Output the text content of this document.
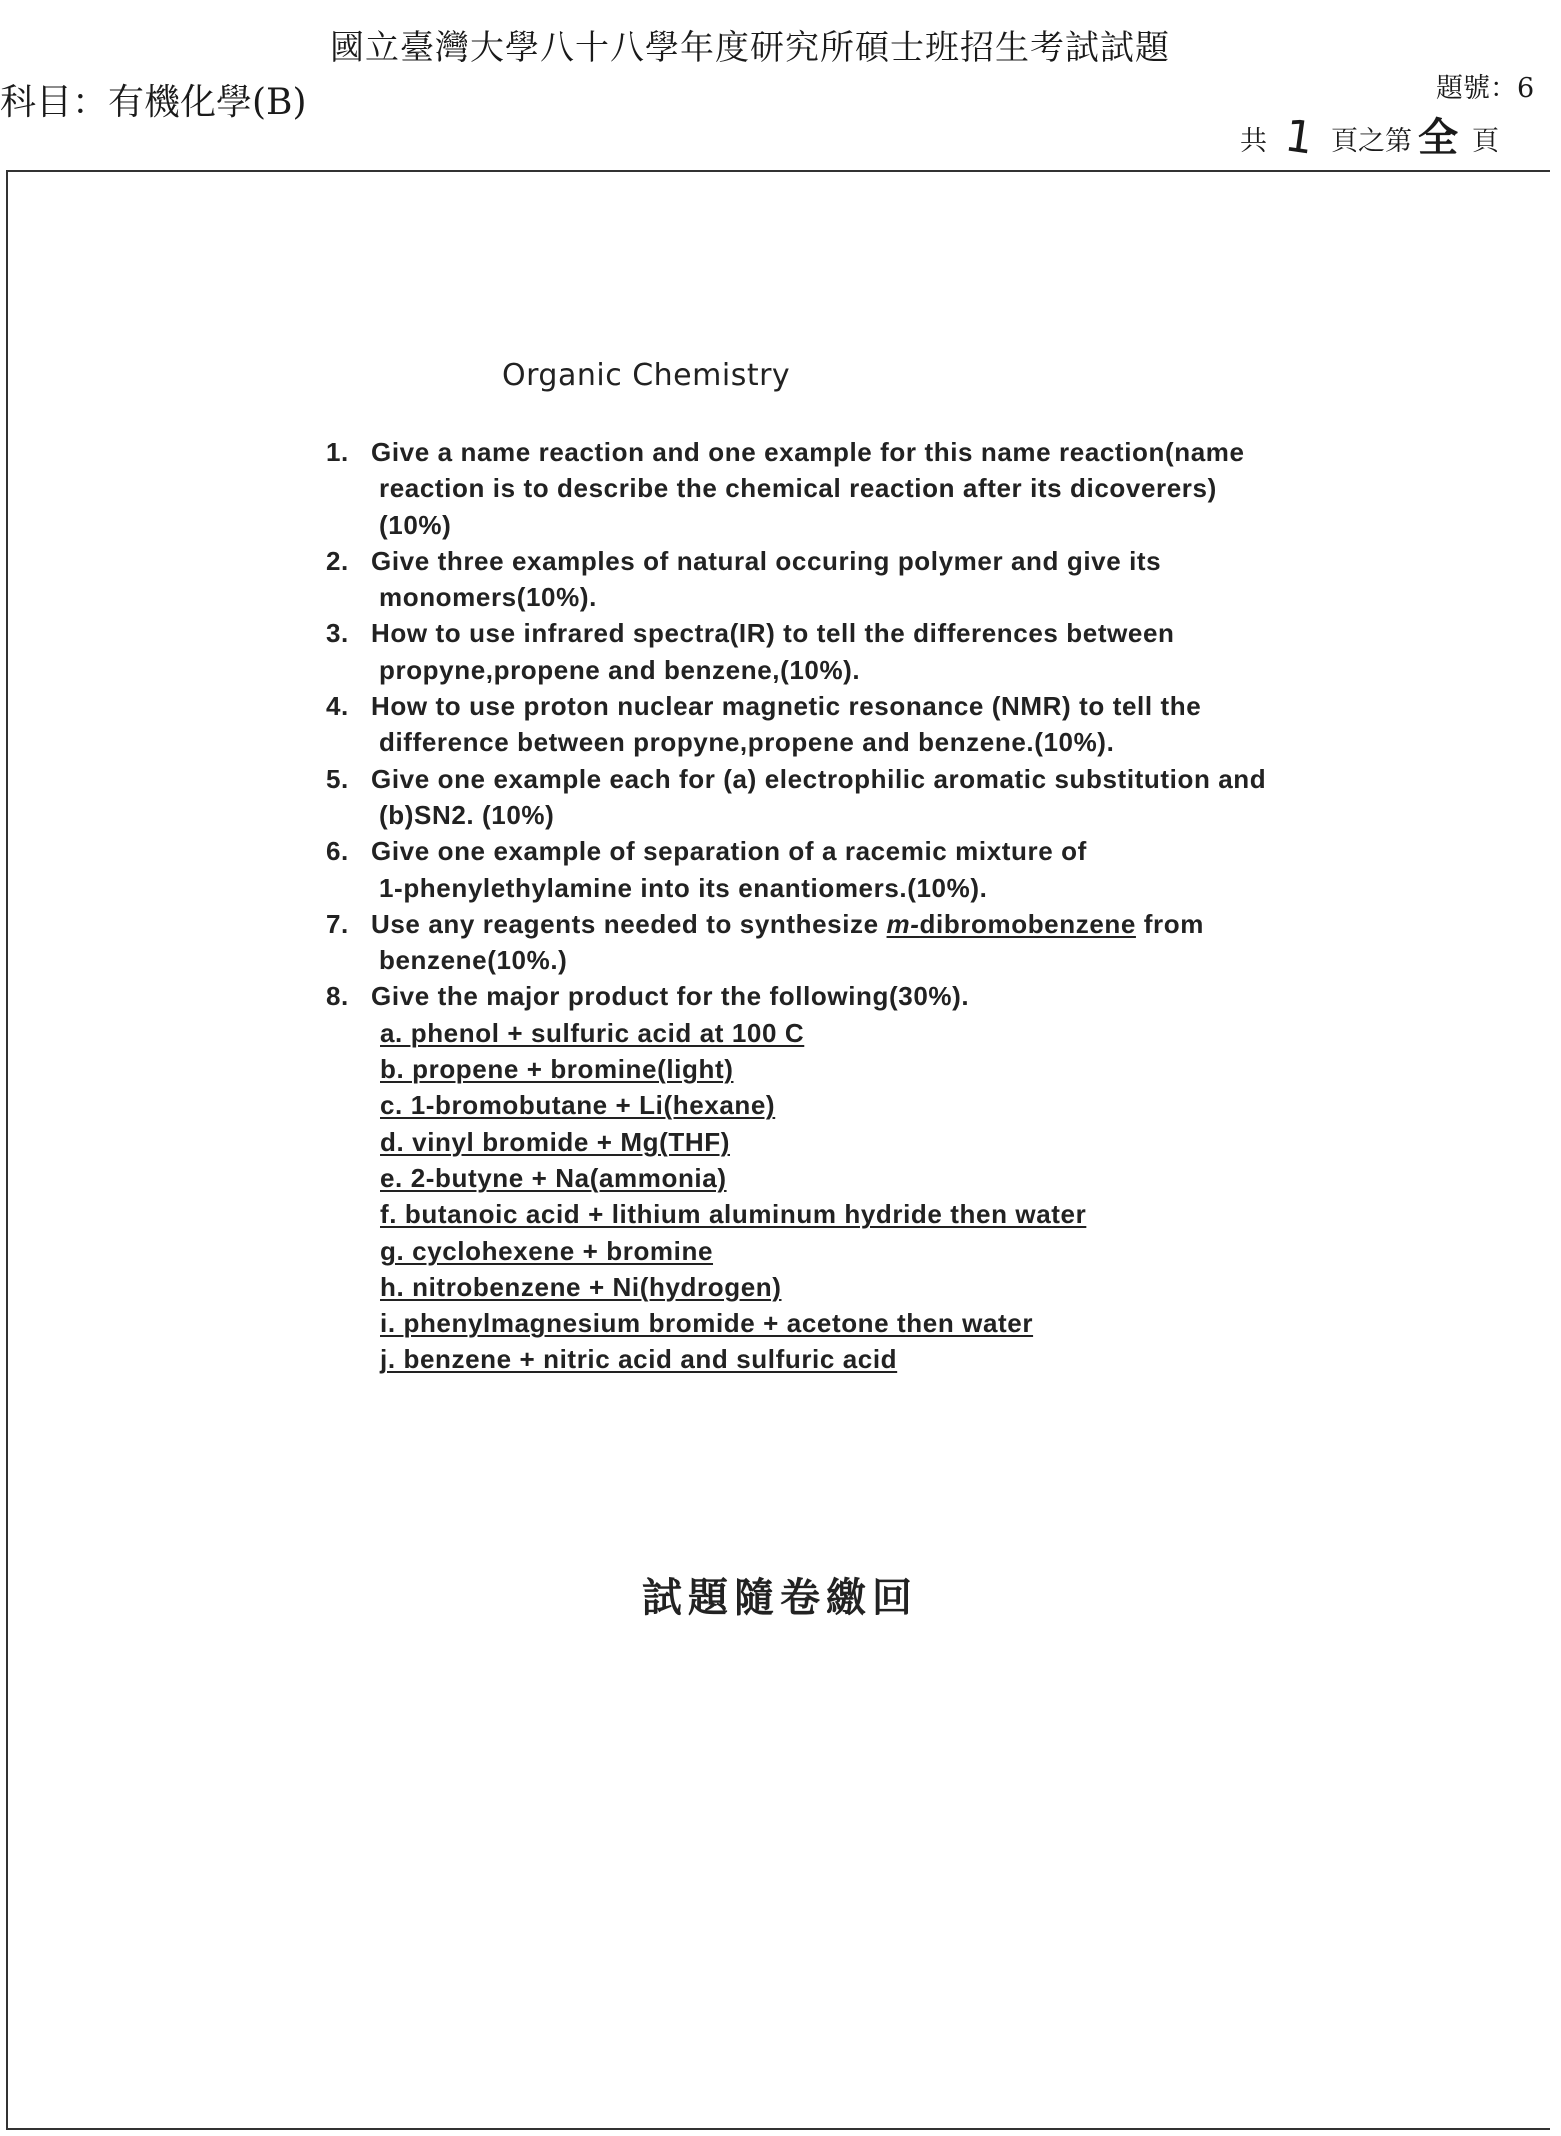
國立臺灣大學八十八學年度研究所碩士班招生考試試題
科目：有機化學(B)	題號：6
共 1 頁之第 全 頁
Organic Chemistry
1. Give a name reaction and one example for this name reaction(name
reaction is to describe the chemical reaction after its dicoverers)
(10%)
2. Give three examples of natural occuring polymer and give its
monomers(10%).
3. How to use infrared spectra(IR) to tell the differences between
propyne,propene and benzene,(10%).
4. How to use proton nuclear magnetic resonance (NMR) to tell the
difference between propyne,propene and benzene.(10%).
5. Give one example each for (a) electrophilic aromatic substitution and
(b)SN2. (10%)
6. Give one example of separation of a racemic mixture of
1-phenylethylamine into its enantiomers.(10%).
7. Use any reagents needed to synthesize m-dibromobenzene from
benzene(10%.)
8. Give the major product for the following(30%).
a. phenol + sulfuric acid at 100 C
b. propene + bromine(light)
c. 1-bromobutane + Li(hexane)
d. vinyl bromide + Mg(THF)
e. 2-butyne + Na(ammonia)
f. butanoic acid + lithium aluminum hydride then water
g. cyclohexene + bromine
h. nitrobenzene + Ni(hydrogen)
i. phenylmagnesium bromide + acetone then water
j. benzene + nitric acid and sulfuric acid
試題隨卷繳回
